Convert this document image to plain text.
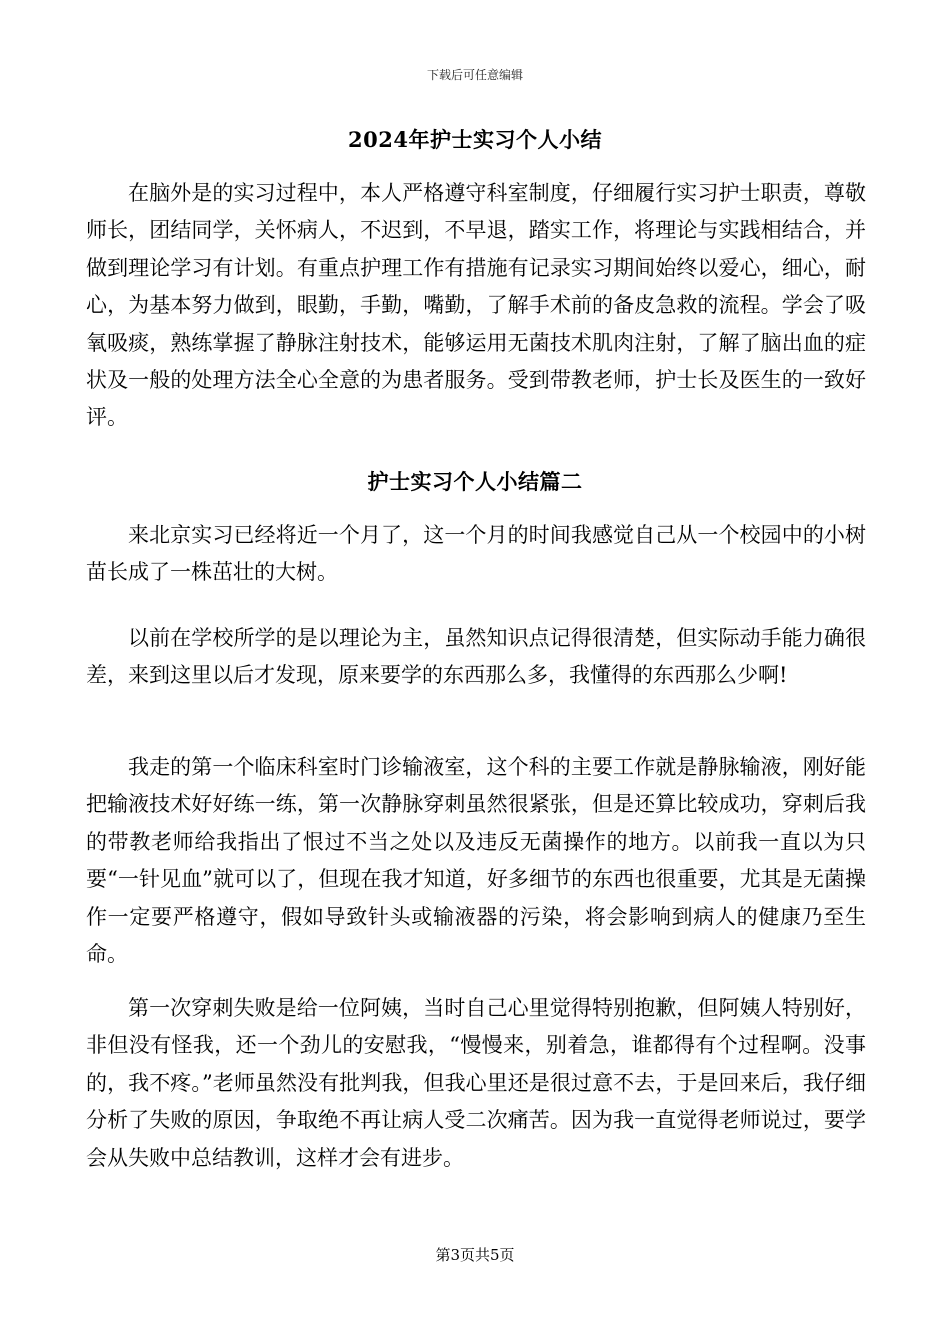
下载后可任意编辑
2024年护士实习个人小结

在脑外是的实习过程中，本人严格遵守科室制度，仔细履行实习护士职责，尊敬师长，团结同学，关怀病人，不迟到，不早退，踏实工作，将理论与实践相结合，并做到理论学习有计划。有重点护理工作有措施有记录实习期间始终以爱心，细心，耐心，为基本努力做到，眼勤，手勤，嘴勤，了解手术前的备皮急救的流程。学会了吸氧吸痰，熟练掌握了静脉注射技术，能够运用无菌技术肌肉注射，了解了脑出血的症状及一般的处理方法全心全意的为患者服务。受到带教老师，护士长及医生的一致好评。

护士实习个人小结篇二

来北京实习已经将近一个月了，这一个月的时间我感觉自己从一个校园中的小树苗长成了一株茁壮的大树。

以前在学校所学的是以理论为主，虽然知识点记得很清楚，但实际动手能力确很差，来到这里以后才发现，原来要学的东西那么多，我懂得的东西那么少啊!

我走的第一个临床科室时门诊输液室，这个科的主要工作就是静脉输液，刚好能把输液技术好好练一练，第一次静脉穿刺虽然很紧张，但是还算比较成功，穿刺后我的带教老师给我指出了恨过不当之处以及违反无菌操作的地方。以前我一直以为只要“一针见血”就可以了，但现在我才知道，好多细节的东西也很重要，尤其是无菌操作一定要严格遵守，假如导致针头或输液器的污染，将会影响到病人的健康乃至生命。

第一次穿刺失败是给一位阿姨，当时自己心里觉得特别抱歉，但阿姨人特别好，非但没有怪我，还一个劲儿的安慰我，“慢慢来，别着急，谁都得有个过程啊。没事的，我不疼。”老师虽然没有批判我，但我心里还是很过意不去，于是回来后，我仔细分析了失败的原因，争取绝不再让病人受二次痛苦。因为我一直觉得老师说过，要学会从失败中总结教训，这样才会有进步。

第3页共5页
